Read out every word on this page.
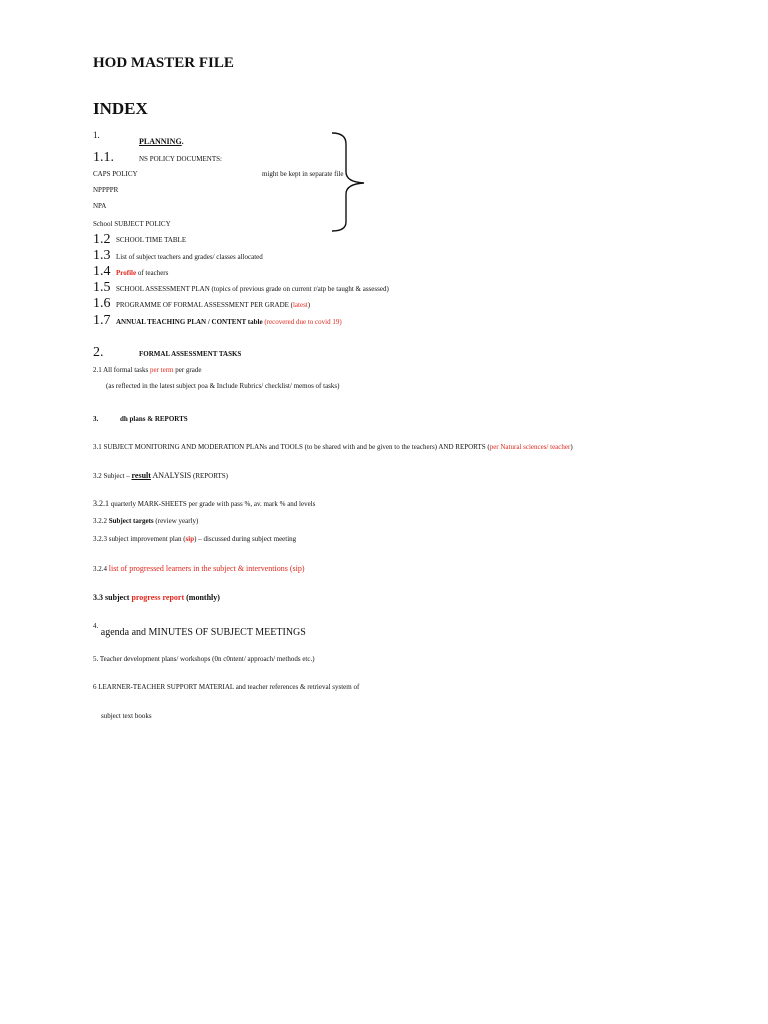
HOD MASTER FILE
INDEX
1.
PLANNING.
1.1.	NS POLICY DOCUMENTS:
CAPS POLICY	might be kept in separate file
NPPPPR
NPA
School SUBJECT POLICY
1.2 SCHOOL TIME TABLE
1.3 List of subject teachers and grades/ classes allocated
1.4 Profile of teachers
1.5 SCHOOL ASSESSMENT PLAN (topics of previous grade on current r/atp be taught & assessed)
1.6 PROGRAMME OF FORMAL ASSESSMENT PER GRADE (latest)
1.7 ANNUAL TEACHING PLAN / CONTENT table (recovered due to covid 19)
2.	FORMAL ASSESSMENT TASKS
2.1 All formal tasks per term per grade
(as reflected in the latest subject poa & Include Rubrics/ checklist/ memos of tasks)
3.	dh plans & REPORTS
3.1 SUBJECT MONITORING AND MODERATION PLANs and TOOLS (to be shared with and be given to the teachers) AND REPORTS (per Natural sciences/ teacher)
3.2 Subject – result ANALYSIS (REPORTS)
3.2.1 quarterly MARK-SHEETS per grade with pass %, av. mark % and levels
3.2.2 Subject targets (review yearly)
3.2.3 subject improvement plan (sip) – discussed during subject meeting
3.2.4 list of progressed learners in the subject & interventions (sip)
3.3 subject progress report (monthly)
$^{4.}$ agenda and MINUTES OF SUBJECT MEETINGS
5. Teacher development plans/ workshops (0n c0ntent/ approach/ methods etc.)
6 LEARNER-TEACHER SUPPORT MATERIAL and teacher references & retrieval system of
subject text books
